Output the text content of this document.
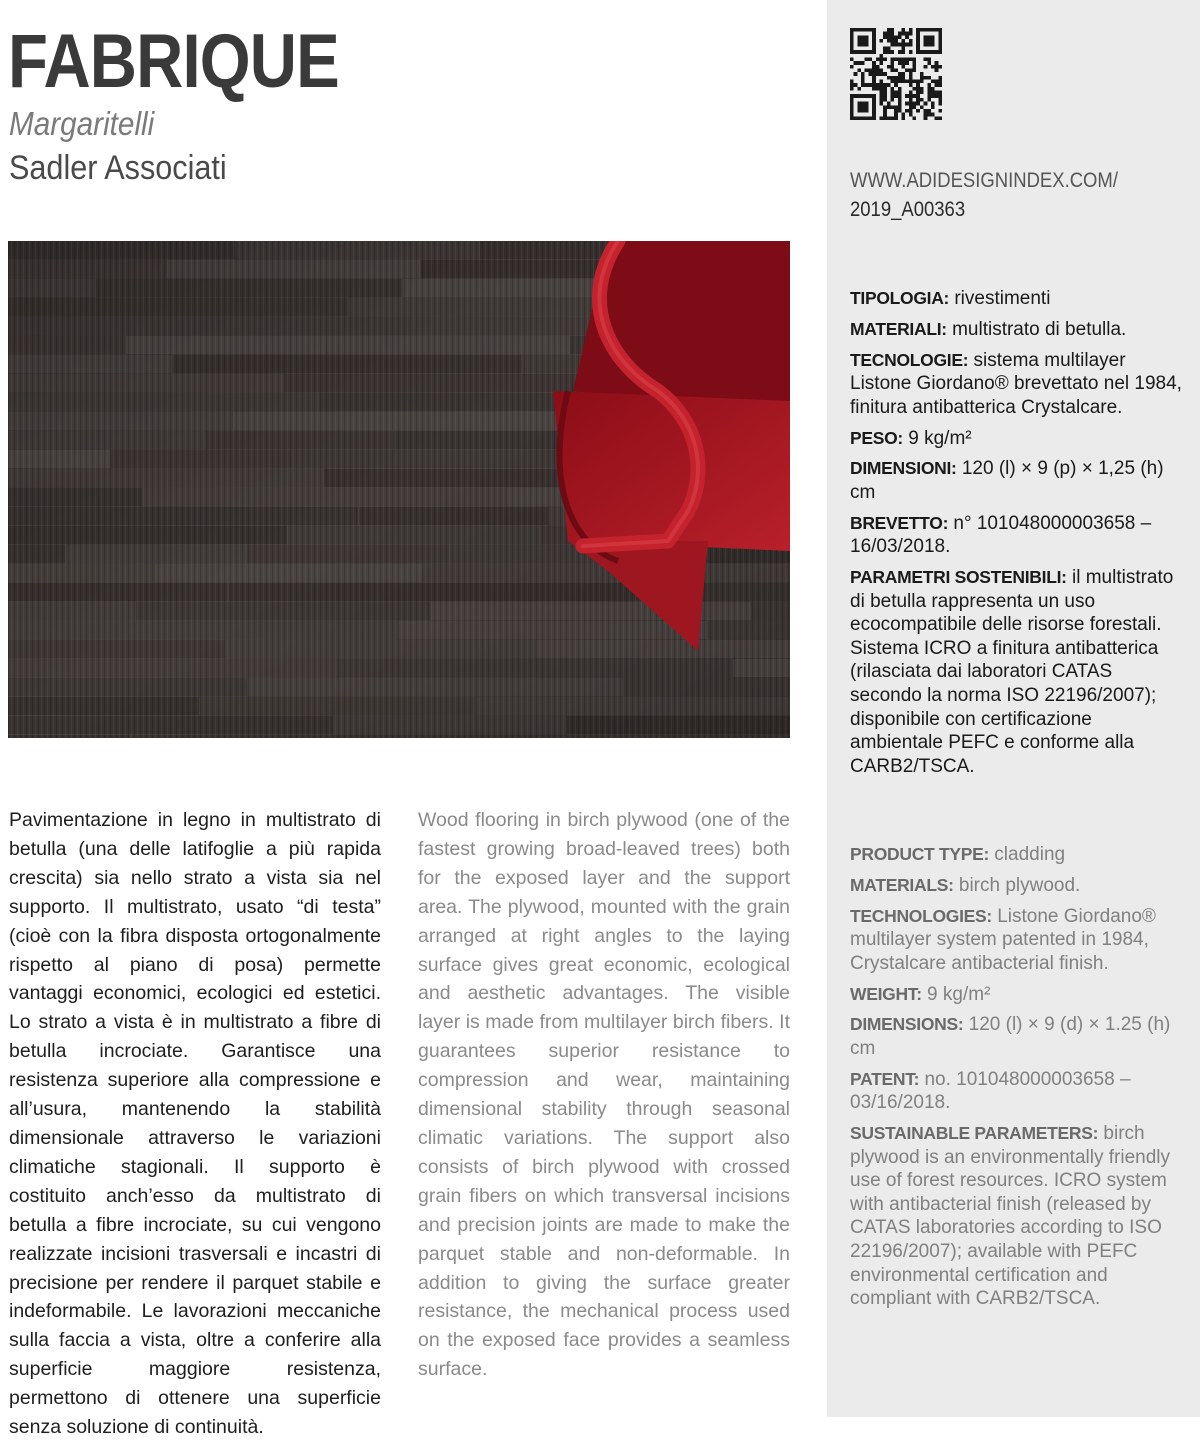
FABRIQUE
Margaritelli
Sadler Associati
Pavimentazione in legno in multistrato di betulla (una delle latifoglie a più rapida crescita) sia nello strato a vista sia nel supporto. Il multistrato, usato “di testa” (cioè con la fibra disposta ortogonalmente rispetto al piano di posa) permette vantaggi economici, ecologici ed estetici. Lo strato a vista è in multistrato a fibre di betulla incrociate. Garantisce una resistenza superiore alla compressione e all’usura, mantenendo la stabilità dimensionale attraverso le variazioni climatiche stagionali. Il supporto è costituito anch’esso da multistrato di betulla a fibre incrociate, su cui vengono realizzate incisioni trasversali e incastri di precisione per rendere il parquet stabile e indeformabile. Le lavorazioni meccaniche sulla faccia a vista, oltre a conferire alla superficie maggiore resistenza, permettono di ottenere una superficie senza soluzione di continuità.
Wood flooring in birch plywood (one of the fastest growing broad-leaved trees) both for the exposed layer and the support area. The plywood, mounted with the grain arranged at right angles to the laying surface gives great economic, ecological and aesthetic advantages. The visible layer is made from multilayer birch fibers. It guarantees superior resistance to compression and wear, maintaining dimensional stability through seasonal climatic variations. The support also consists of birch plywood with crossed grain fibers on which transversal incisions and precision joints are made to make the parquet stable and non-deformable. In addition to giving the surface greater resistance, the mechanical process used on the exposed face provides a seamless surface.
WWW.ADIDESIGNINDEX.COM/
2019_A00363
TIPOLOGIA: rivestimenti
MATERIALI: multistrato di betulla.
TECNOLOGIE: sistema multilayer Listone Giordano® brevettato nel 1984, finitura antibatterica Crystalcare.
PESO: 9 kg/m²
DIMENSIONI: 120 (l) × 9 (p) × 1,25 (h) cm
BREVETTO: n° 101048000003658 – 16/03/2018.
PARAMETRI SOSTENIBILI: il multistrato di betulla rappresenta un uso ecocompatibile delle risorse forestali. Sistema ICRO a finitura antibatterica (rilasciata dai laboratori CATAS secondo la norma ISO 22196/2007); disponibile con certificazione ambientale PEFC e conforme alla CARB2/TSCA.
PRODUCT TYPE: cladding
MATERIALS: birch plywood.
TECHNOLOGIES: Listone Giordano® multilayer system patented in 1984, Crystalcare antibacterial finish.
WEIGHT: 9 kg/m²
DIMENSIONS: 120 (l) × 9 (d) × 1.25 (h) cm
PATENT: no. 101048000003658 – 03/16/2018.
SUSTAINABLE PARAMETERS: birch plywood is an environmentally friendly use of forest resources. ICRO system with antibacterial finish (released by CATAS laboratories according to ISO 22196/2007); available with PEFC environmental certification and compliant with CARB2/TSCA.
